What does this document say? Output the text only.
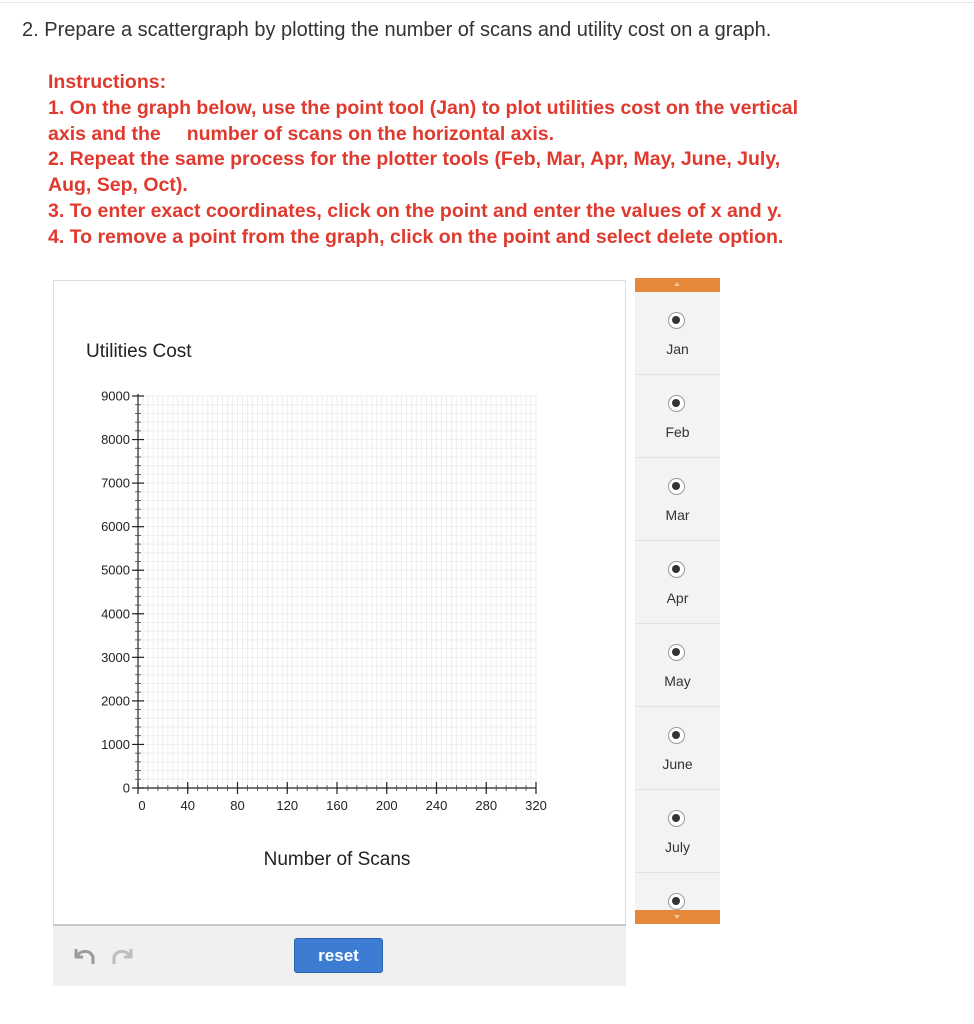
2. Prepare a scattergraph by plotting the number of scans and utility cost on a graph.
Instructions:
1. On the graph below, use the point tool (Jan) to plot utilities cost on the vertical
axis and the number of scans on the horizontal axis.
2. Repeat the same process for the plotter tools (Feb, Mar, Apr, May, June, July,
Aug, Sep, Oct).
3. To enter exact coordinates, click on the point and enter the values of x and y.
4. To remove a point from the graph, click on the point and select delete option.
Utilities Cost
0
1000
2000
3000
4000
5000
6000
7000
8000
9000
0	40	80 120 160 200 240 280 320
Number of Scans
reset
Jan
Feb
Mar
Apr
May
June
July
